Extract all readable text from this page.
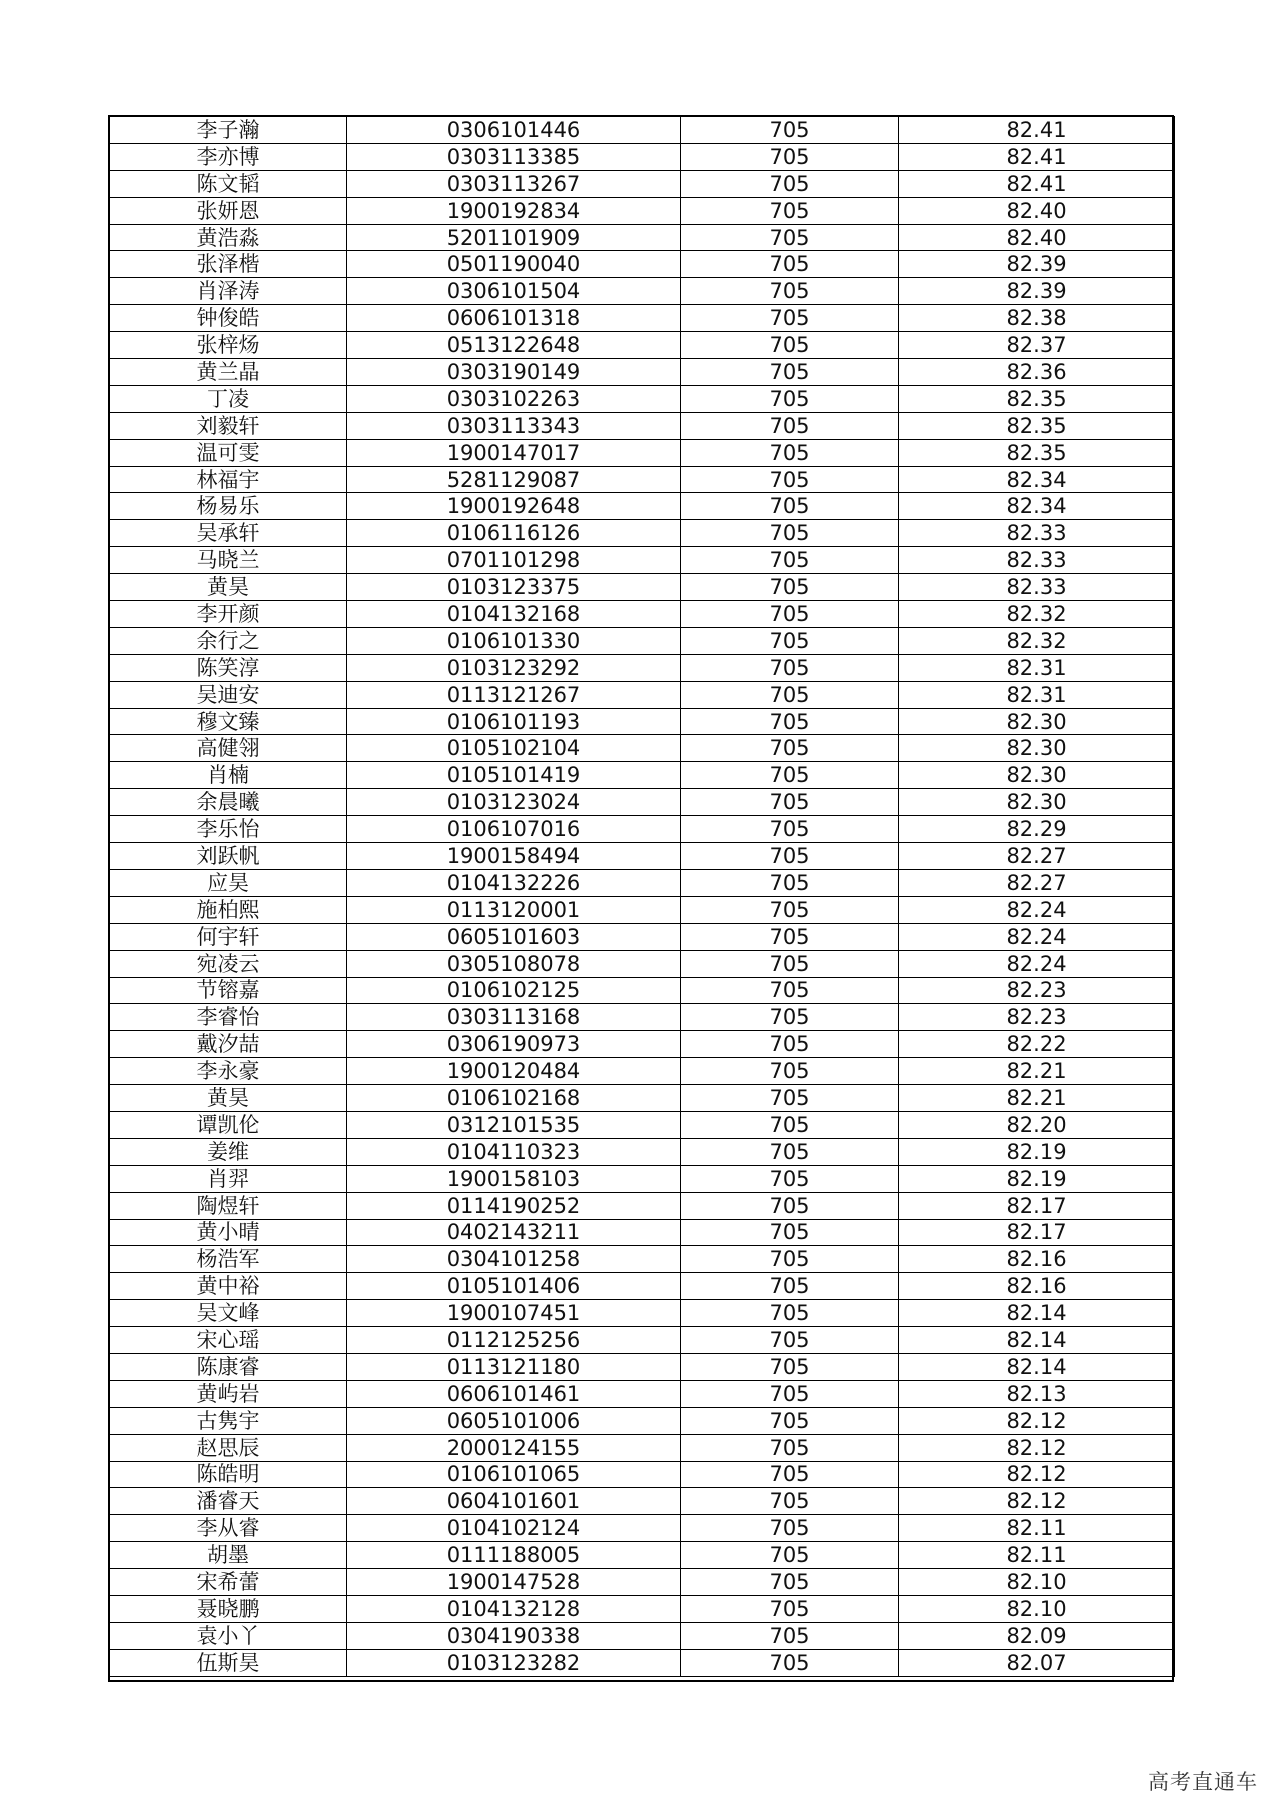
李子瀚	0306101446	705	82.41
李亦博	0303113385	705	82.41
陈文韬	0303113267	705	82.41
张妍恩	1900192834	705	82.40
黄浩淼	5201101909	705	82.40
张泽楷	0501190040	705	82.39
肖泽涛	0306101504	705	82.39
钟俊皓	0606101318	705	82.38
张梓炀	0513122648	705	82.37
黄兰晶	0303190149	705	82.36
丁凌	0303102263	705	82.35
刘毅轩	0303113343	705	82.35
温可雯	1900147017	705	82.35
林福宇	5281129087	705	82.34
杨易乐	1900192648	705	82.34
吴承轩	0106116126	705	82.33
马晓兰	0701101298	705	82.33
黄昊	0103123375	705	82.33
李开颜	0104132168	705	82.32
余行之	0106101330	705	82.32
陈笑淳	0103123292	705	82.31
吴迪安	0113121267	705	82.31
穆文臻	0106101193	705	82.30
高健翎	0105102104	705	82.30
肖楠	0105101419	705	82.30
余晨曦	0103123024	705	82.30
李乐怡	0106107016	705	82.29
刘跃帆	1900158494	705	82.27
应昊	0104132226	705	82.27
施柏熙	0113120001	705	82.24
何宇轩	0605101603	705	82.24
宛凌云	0305108078	705	82.24
节镕嘉	0106102125	705	82.23
李睿怡	0303113168	705	82.23
戴汐喆	0306190973	705	82.22
李永豪	1900120484	705	82.21
黄昊	0106102168	705	82.21
谭凯伦	0312101535	705	82.20
姜维	0104110323	705	82.19
肖羿	1900158103	705	82.19
陶煜轩	0114190252	705	82.17
黄小晴	0402143211	705	82.17
杨浩军	0304101258	705	82.16
黄中裕	0105101406	705	82.16
吴文峰	1900107451	705	82.14
宋心瑶	0112125256	705	82.14
陈康睿	0113121180	705	82.14
黄屿岩	0606101461	705	82.13
古隽宇	0605101006	705	82.12
赵思辰	2000124155	705	82.12
陈皓明	0106101065	705	82.12
潘睿天	0604101601	705	82.12
李从睿	0104102124	705	82.11
胡墨	0111188005	705	82.11
宋希蕾	1900147528	705	82.10
聂晓鹏	0104132128	705	82.10
袁小丫	0304190338	705	82.09
伍斯昊	0103123282	705	82.07
高考直通车
